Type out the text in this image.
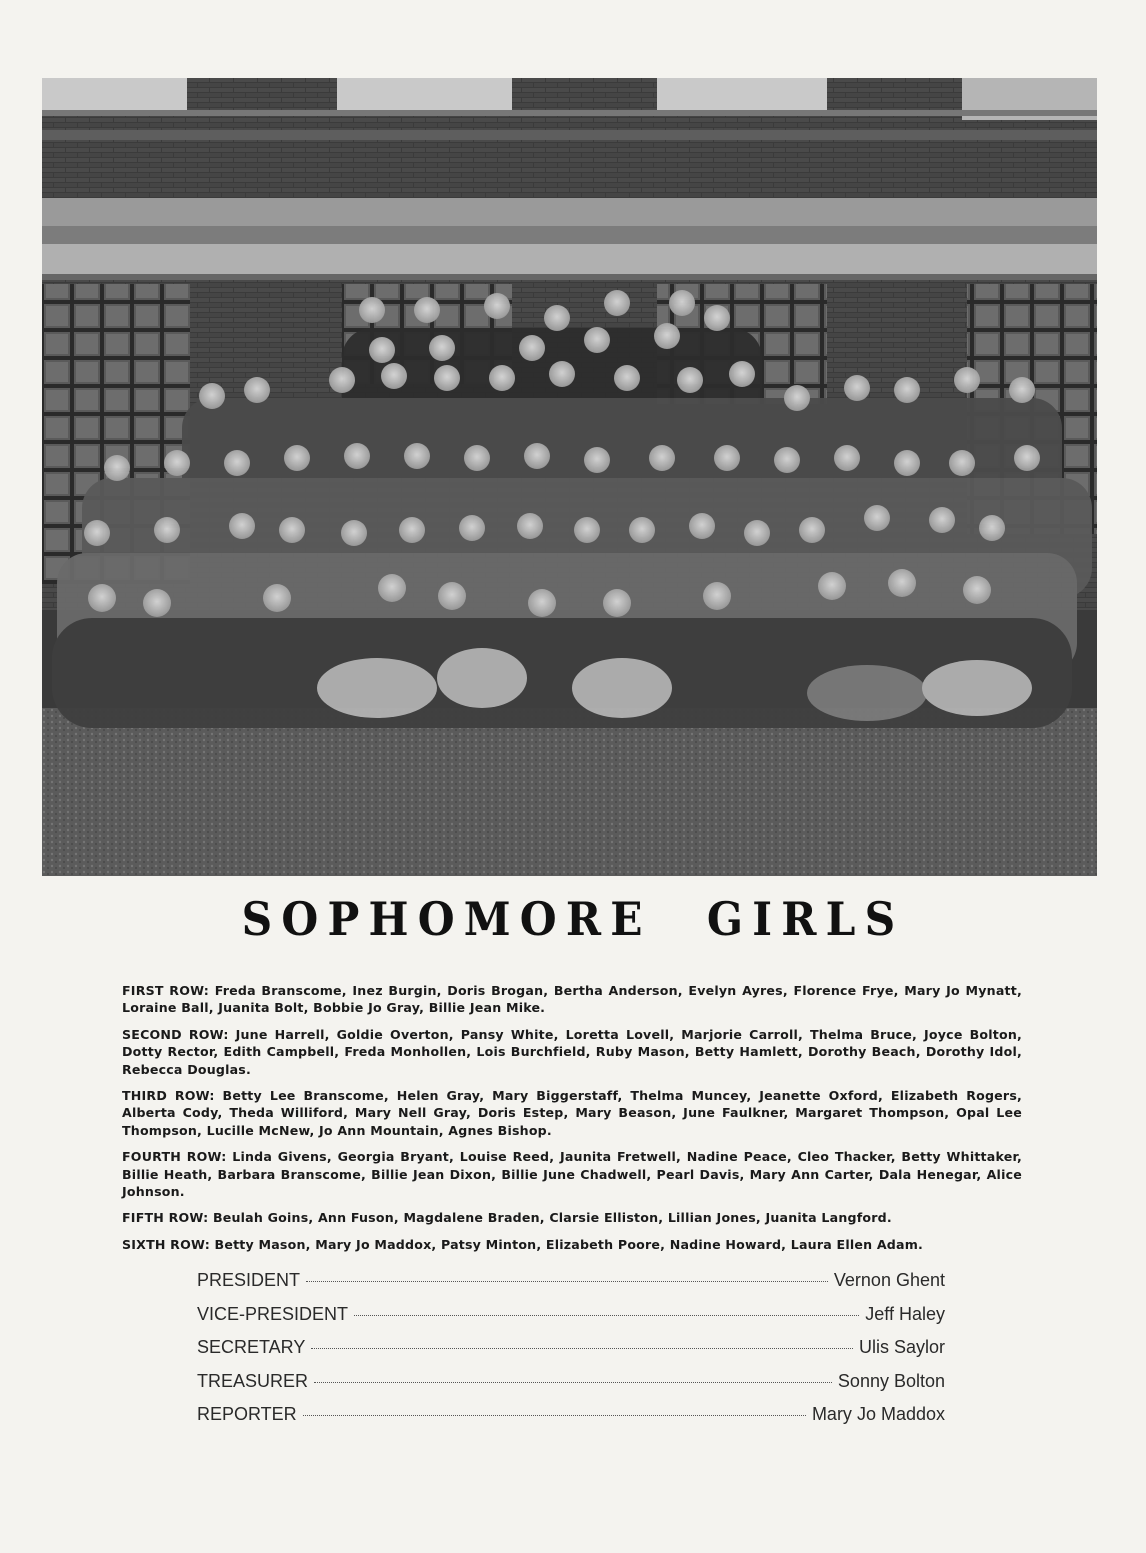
SOPHOMORE GIRLS

FIRST ROW: Freda Branscome, Inez Burgin, Doris Brogan, Bertha Anderson, Evelyn Ayres, Florence Frye, Mary Jo Mynatt, Loraine Ball, Juanita Bolt, Bobbie Jo Gray, Billie Jean Mike.

SECOND ROW: June Harrell, Goldie Overton, Pansy White, Loretta Lovell, Marjorie Carroll, Thelma Bruce, Joyce Bolton, Dotty Rector, Edith Campbell, Freda Monhollen, Lois Burchfield, Ruby Mason, Betty Hamlett, Dorothy Beach, Dorothy Idol, Rebecca Douglas.

THIRD ROW: Betty Lee Branscome, Helen Gray, Mary Biggerstaff, Thelma Muncey, Jeanette Oxford, Elizabeth Rogers, Alberta Cody, Theda Williford, Mary Nell Gray, Doris Estep, Mary Beason, June Faulkner, Margaret Thompson, Opal Lee Thompson, Lucille McNew, Jo Ann Mountain, Agnes Bishop.

FOURTH ROW: Linda Givens, Georgia Bryant, Louise Reed, Jaunita Fretwell, Nadine Peace, Cleo Thacker, Betty Whittaker, Billie Heath, Barbara Branscome, Billie Jean Dixon, Billie June Chadwell, Pearl Davis, Mary Ann Carter, Dala Henegar, Alice Johnson.

FIFTH ROW: Beulah Goins, Ann Fuson, Magdalene Braden, Clarsie Elliston, Lillian Jones, Juanita Langford.

SIXTH ROW: Betty Mason, Mary Jo Maddox, Patsy Minton, Elizabeth Poore, Nadine Howard, Laura Ellen Adam.

PRESIDENT	Vernon Ghent
VICE-PRESIDENT	Jeff Haley
SECRETARY	Ulis Saylor
TREASURER	Sonny Bolton
REPORTER	Mary Jo Maddox
